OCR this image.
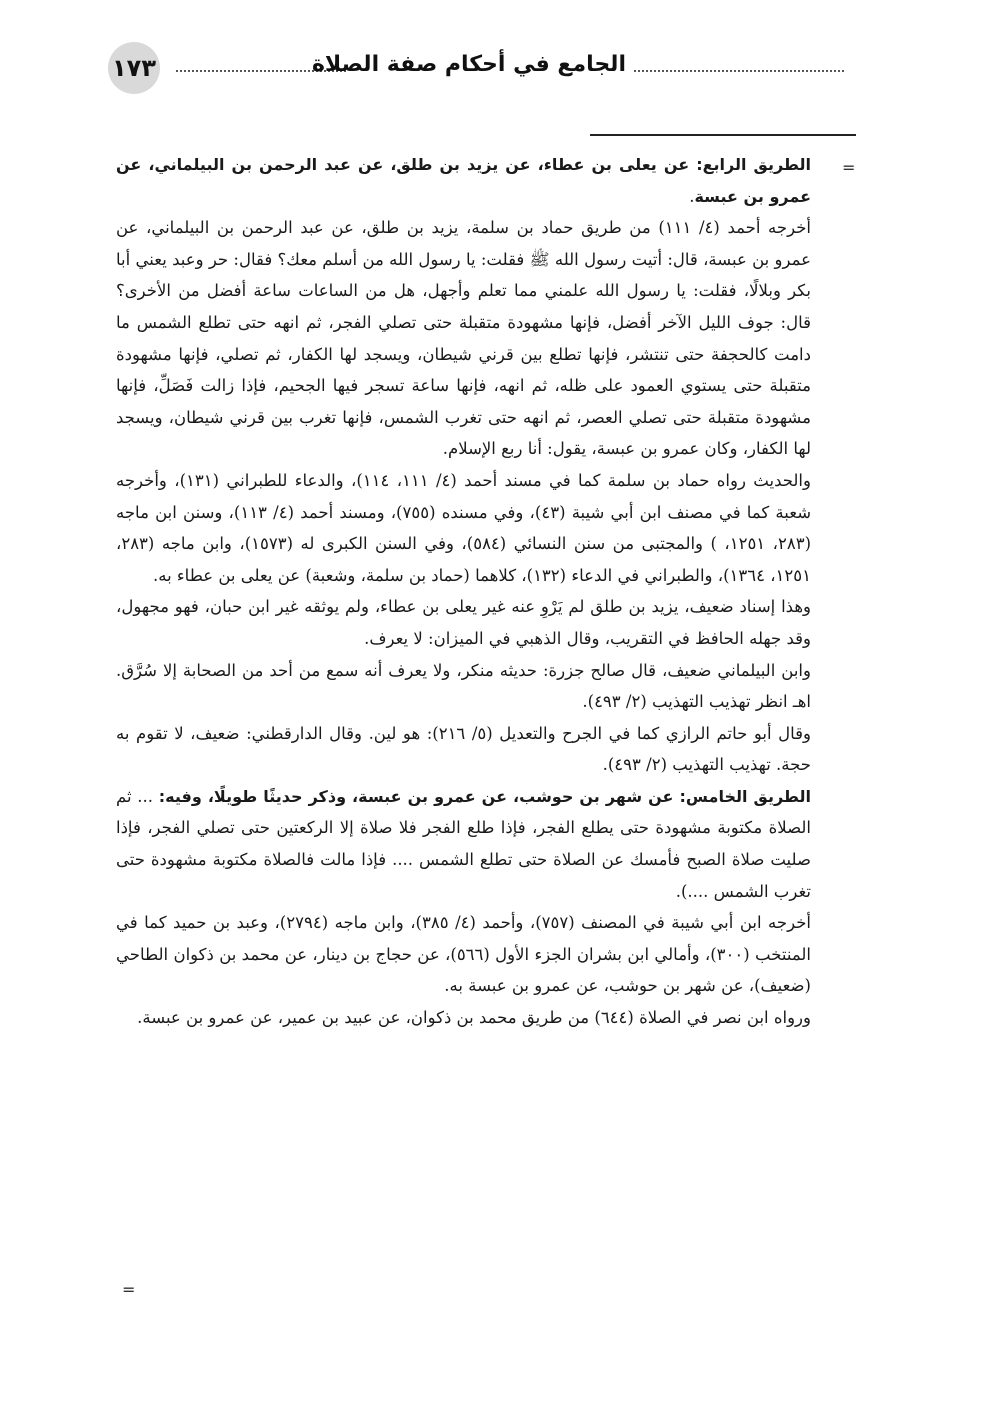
١٧٣	الجامع في أحكام صفة الصلاة
=
=

الطريق الرابع: عن يعلى بن عطاء، عن يزيد بن طلق، عن عبد الرحمن بن البيلماني، عن عمرو بن عبسة.

أخرجه أحمد (٤/ ١١١) من طريق حماد بن سلمة، يزيد بن طلق، عن عبد الرحمن بن البيلماني، عن عمرو بن عبسة، قال: أتيت رسول الله ﷺ فقلت: يا رسول الله من أسلم معك؟ فقال: حر وعبد يعني أبا بكر وبلالًا، فقلت: يا رسول الله علمني مما تعلم وأجهل، هل من الساعات ساعة أفضل من الأخرى؟ قال: جوف الليل الآخر أفضل، فإنها مشهودة متقبلة حتى تصلي الفجر، ثم انهه حتى تطلع الشمس ما دامت كالحجفة حتى تنتشر، فإنها تطلع بين قرني شيطان، ويسجد لها الكفار، ثم تصلي، فإنها مشهودة متقبلة حتى يستوي العمود على ظله، ثم انهه، فإنها ساعة تسجر فيها الجحيم، فإذا زالت فَصَلِّ، فإنها مشهودة متقبلة حتى تصلي العصر، ثم انهه حتى تغرب الشمس، فإنها تغرب بين قرني شيطان، ويسجد لها الكفار، وكان عمرو بن عبسة، يقول: أنا ربع الإسلام.

والحديث رواه حماد بن سلمة كما في مسند أحمد (٤/ ١١١، ١١٤)، والدعاء للطبراني (١٣١)، وأخرجه شعبة كما في مصنف ابن أبي شيبة (٤٣)، وفي مسنده (٧٥٥)، ومسند أحمد (٤/ ١١٣)، وسنن ابن ماجه (٢٨٣، ١٢٥١، ) والمجتبى من سنن النسائي (٥٨٤)، وفي السنن الكبرى له (١٥٧٣)، وابن ماجه (٢٨٣، ١٢٥١، ١٣٦٤)، والطبراني في الدعاء (١٣٢)، كلاهما (حماد بن سلمة، وشعبة) عن يعلى بن عطاء به.

وهذا إسناد ضعيف، يزيد بن طلق لم يَرْوِ عنه غير يعلى بن عطاء، ولم يوثقه غير ابن حبان، فهو مجهول، وقد جهله الحافظ في التقريب، وقال الذهبي في الميزان: لا يعرف.

وابن البيلماني ضعيف، قال صالح جزرة: حديثه منكر، ولا يعرف أنه سمع من أحد من الصحابة إلا سُرَّق. اهـ انظر تهذيب التهذيب (٢/ ٤٩٣).

وقال أبو حاتم الرازي كما في الجرح والتعديل (٥/ ٢١٦): هو لين. وقال الدارقطني: ضعيف، لا تقوم به حجة. تهذيب التهذيب (٢/ ٤٩٣).

الطريق الخامس: عن شهر بن حوشب، عن عمرو بن عبسة، وذكر حديثًا طويلًا، وفيه: ... ثم الصلاة مكتوبة مشهودة حتى يطلع الفجر، فإذا طلع الفجر فلا صلاة إلا الركعتين حتى تصلي الفجر، فإذا صليت صلاة الصبح فأمسك عن الصلاة حتى تطلع الشمس .... فإذا مالت فالصلاة مكتوبة مشهودة حتى تغرب الشمس ....).

أخرجه ابن أبي شيبة في المصنف (٧٥٧)، وأحمد (٤/ ٣٨٥)، وابن ماجه (٢٧٩٤)، وعبد بن حميد كما في المنتخب (٣٠٠)، وأمالي ابن بشران الجزء الأول (٥٦٦)، عن حجاج بن دينار، عن محمد بن ذكوان الطاحي (ضعيف)، عن شهر بن حوشب، عن عمرو بن عبسة به.

ورواه ابن نصر في الصلاة (٦٤٤) من طريق محمد بن ذكوان، عن عبيد بن عمير، عن عمرو بن عبسة.
